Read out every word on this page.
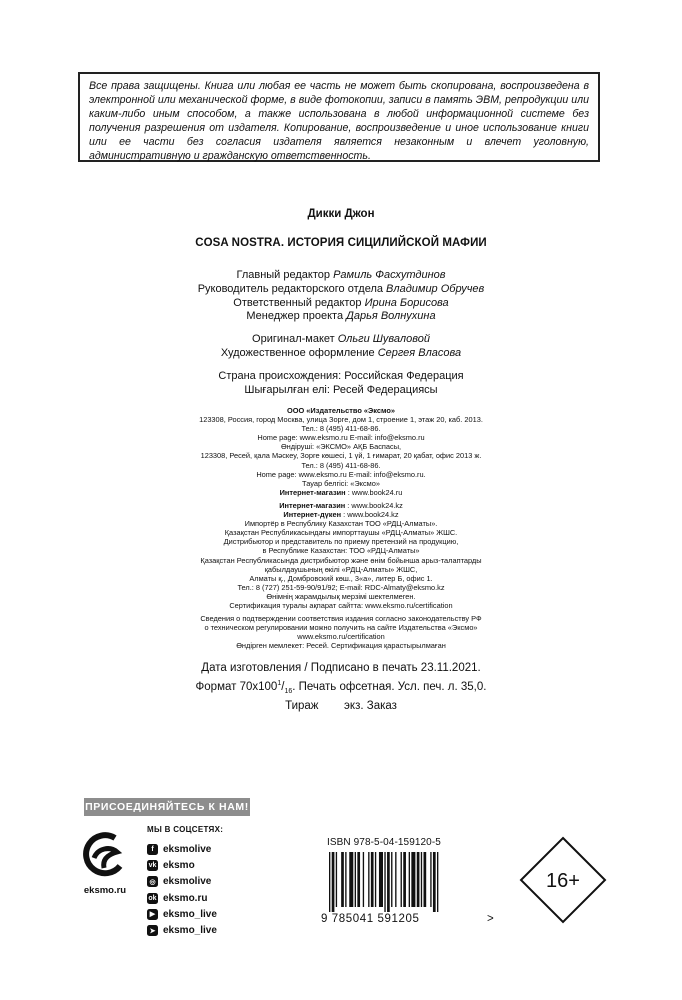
Все права защищены. Книга или любая ее часть не может быть скопирована, воспроизведена в электронной или механической форме, в виде фотокопии, записи в память ЭВМ, репродукции или каким-либо иным способом, а также использована в любой информационной системе без получения разрешения от издателя. Копирование, воспроизведение и иное использование книги или ее части без согласия издателя является незаконным и влечет уголовную, административную и гражданскую ответственность.

Дикки Джон
COSA NOSTRA. ИСТОРИЯ СИЦИЛИЙСКОЙ МАФИИ
Главный редактор Рамиль Фасхутдинов
Руководитель редакторского отдела Владимир Обручев
Ответственный редактор Ирина Борисова
Менеджер проекта Дарья Волнухина
Оригинал-макет Ольги Шуваловой
Художественное оформление Сергея Власова
Страна происхождения: Российская Федерация
Шығарылған елі: Ресей Федерациясы
ООО «Издательство «Эксмо»
123308, Россия, город Москва, улица Зорге, дом 1, строение 1, этаж 20, каб. 2013.
Тел.: 8 (495) 411-68-86.
Home page: www.eksmo.ru E-mail: info@eksmo.ru
Өндіруші: «ЭКСМО» АҚБ Баспасы,
123308, Ресей, қала Мәскеу, Зорге көшесі, 1 үй, 1 ғимарат, 20 қабат, офис 2013 ж.
Тел.: 8 (495) 411-68-86.
Home page: www.eksmo.ru E-mail: info@eksmo.ru.
Тауар белгісі: «Эксмо»
Интернет-магазин : www.book24.ru
Интернет-магазин : www.book24.kz
Интернет-дүкен : www.book24.kz
Импортёр в Республику Казахстан ТОО «РДЦ-Алматы».
Қазақстан Республикасындағы импорттаушы «РДЦ-Алматы» ЖШС.
Дистрибьютор и представитель по приему претензий на продукцию,
в Республике Казахстан: ТОО «РДЦ-Алматы»
Қазақстан Республикасында дистрибьютор және өнім бойынша арыз-талаптарды
қабылдаушының өкілі «РДЦ-Алматы» ЖШС,
Алматы қ., Домбровский көш., 3«а», литер Б, офис 1.
Тел.: 8 (727) 251-59-90/91/92; E-mail: RDC-Almaty@eksmo.kz
Өнімнің жарамдылық мерзімі шектелмеген.
Сертификация туралы ақпарат сайтта: www.eksmo.ru/certification
Сведения о подтверждении соответствия издания согласно законодательству РФ
о техническом регулировании можно получить на сайте Издательства «Эксмо»
www.eksmo.ru/certification
Өндірген мемлекет: Ресей. Сертификация қарастырылмаған
Дата изготовления / Подписано в печать 23.11.2021.
Формат $70x100^1/_{16}$. Печать офсетная. Усл. печ. л. 35,0.
Тираж        экз. Заказ
ПРИСОЕДИНЯЙТЕСЬ К НАМ!
eksmo.ru
МЫ В СОЦСЕТЯХ:
f eksmolive
vk eksmo
◎ eksmolive
ok eksmo.ru
▶ eksmo_live
➤ eksmo_live
ISBN 978-5-04-159120-5
9 785041 591205	>
16+
